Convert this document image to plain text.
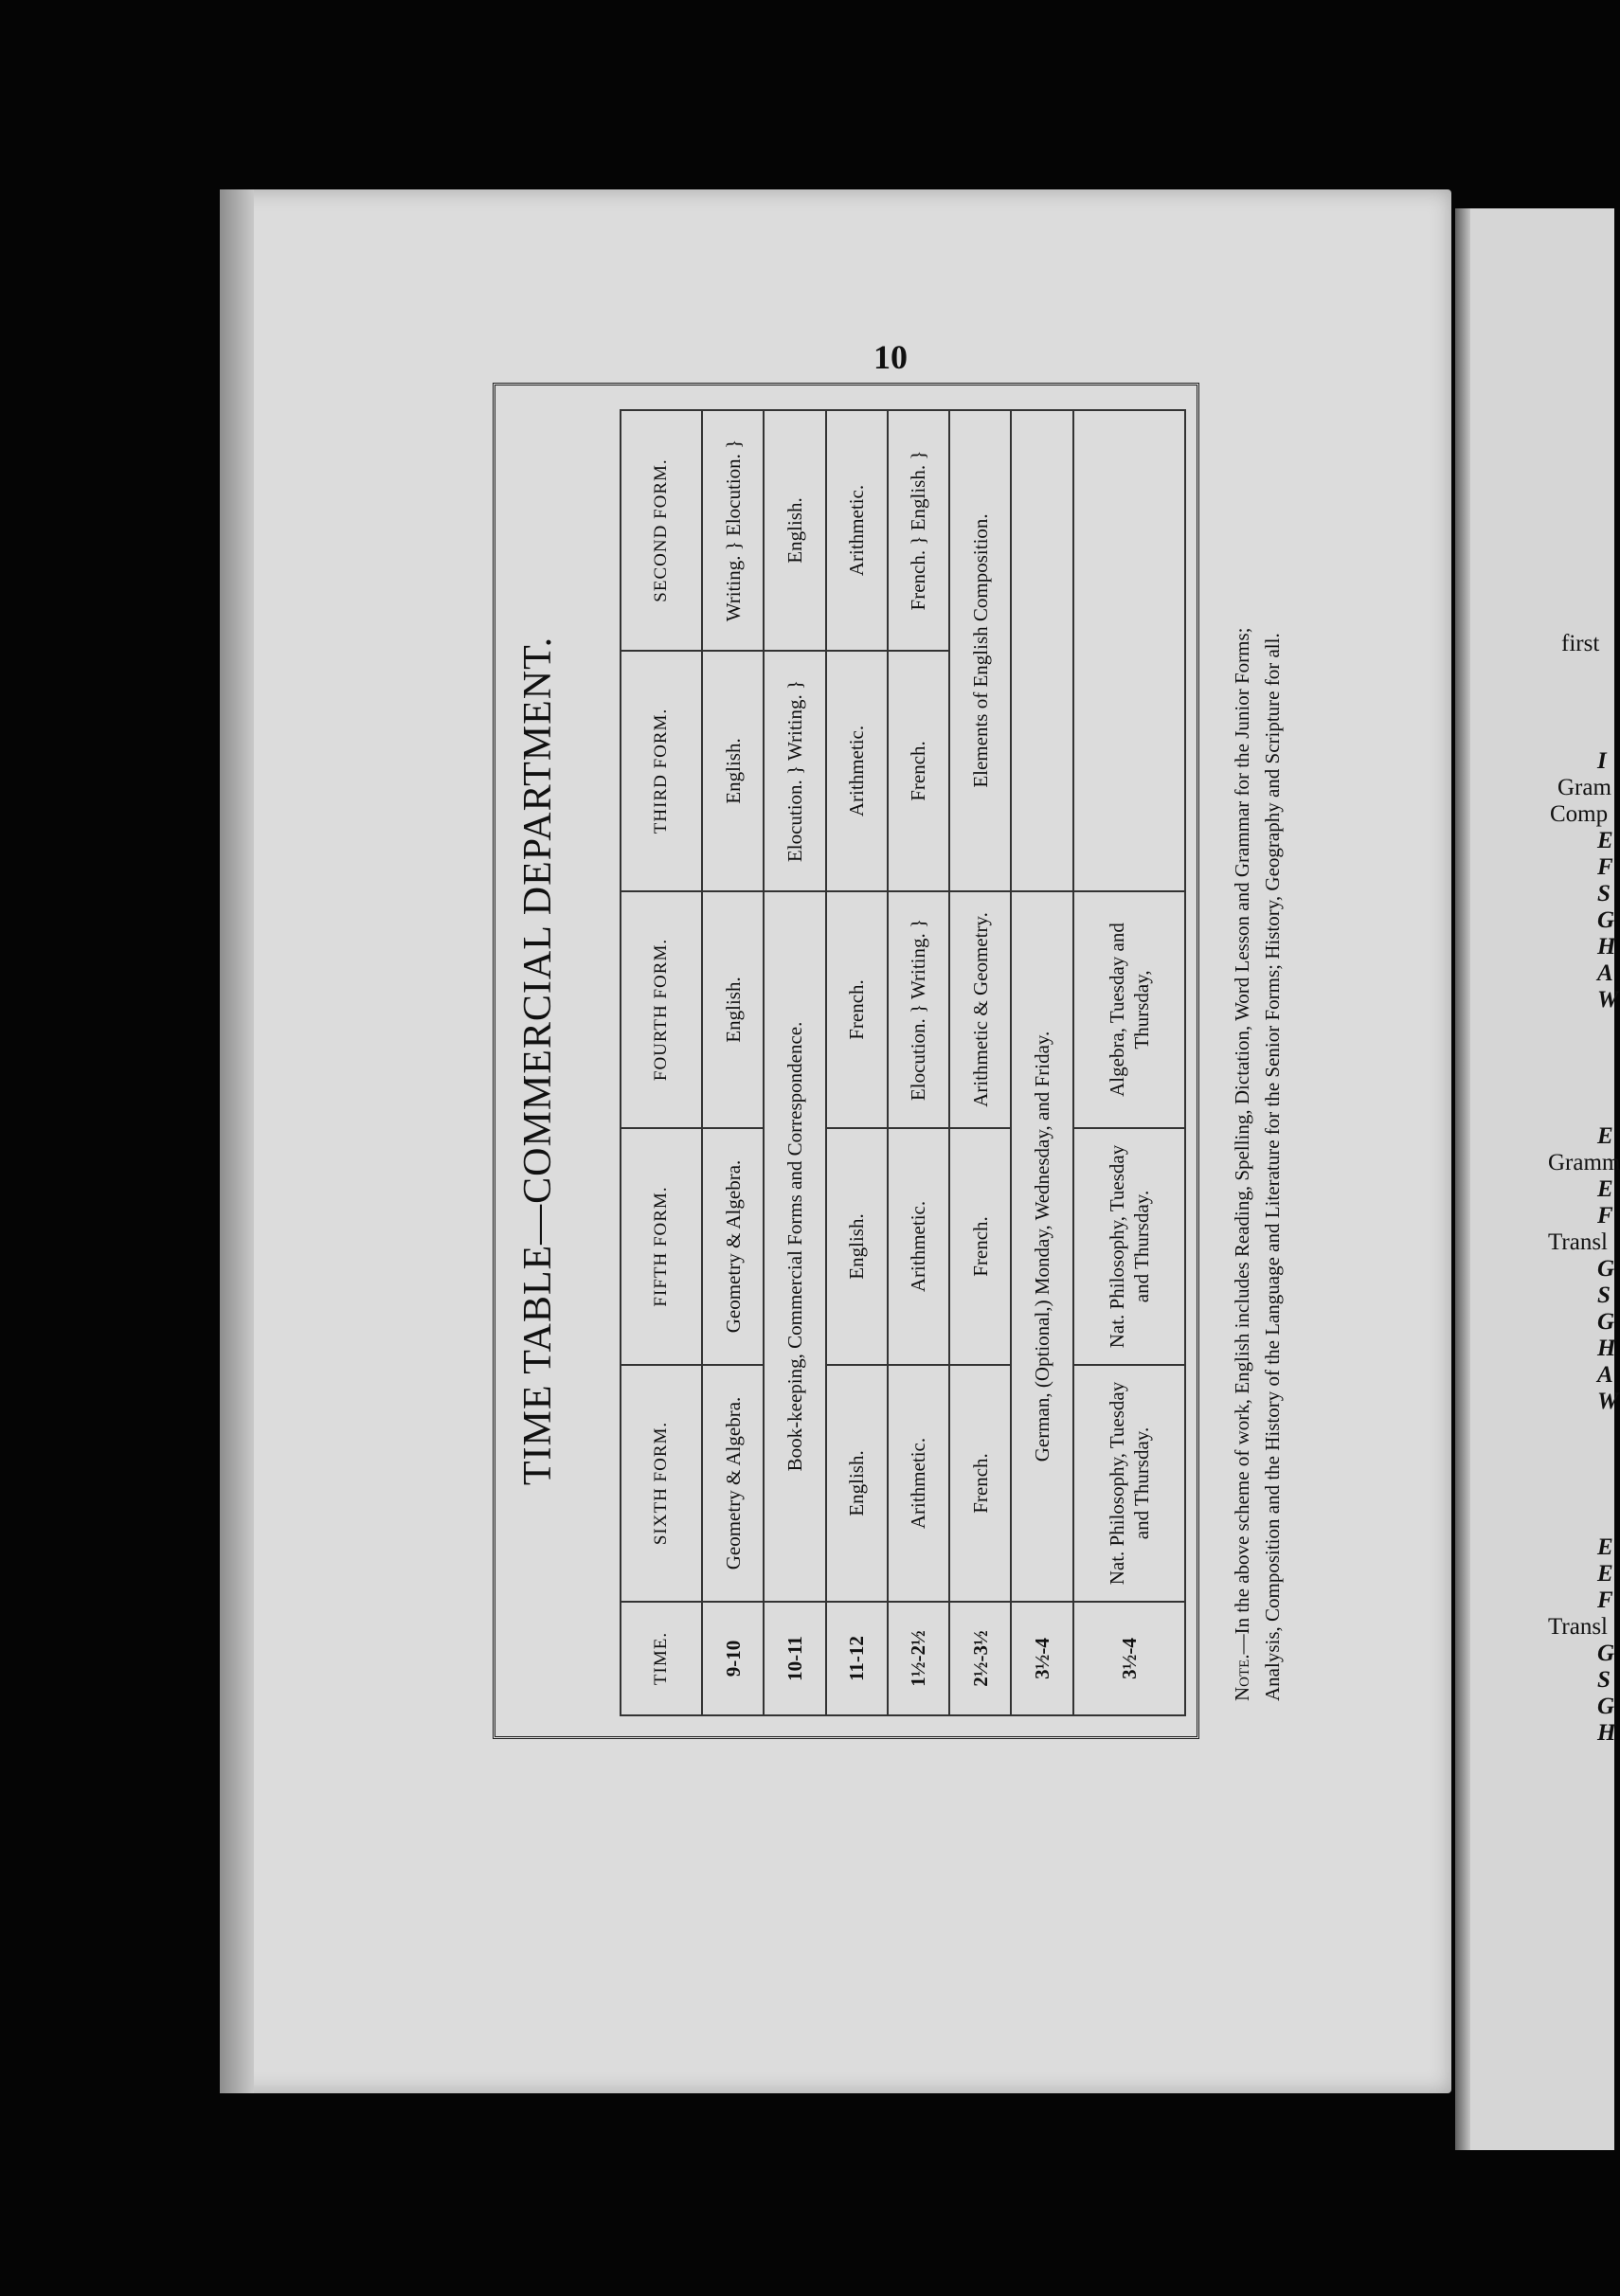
10
TIME TABLE—COMMERCIAL DEPARTMENT.
TIME.	SIXTH FORM.	FIFTH FORM.	FOURTH FORM.	THIRD FORM.	SECOND FORM.
9-10	Geometry & Algebra.	Geometry & Algebra.	English.	English.	Writing. } Elocution. }
10-11	Book-keeping, Commercial Forms and Correspondence.			Elocution. } Writing. }	English.
11-12	English.	English.	French.	Arithmetic.	Arithmetic.
1½-2½	Arithmetic.	Arithmetic.	Elocution. } Writing. }	French.	French. } English. }
2½-3½	French.	French.	Arithmetic & Geometry.	Elements of English Composition.	
3½-4	German, (Optional,) Monday, Wednesday, and Friday.				
3½-4	Nat. Philosophy, Tuesday and Thursday.	Nat. Philosophy, Tuesday and Thursday.	Algebra, Tuesday and Thursday,		
Note.—In the above scheme of work, English includes Reading, Spelling, Dictation, Word Lesson and Grammar for the Junior Forms; Analysis, Composition and the History of the Language and Literature for the Senior Forms; History, Geography and Scripture for all.	first
I
Gram
Comp
E
F
S
G
H
A
W
E
Gramm
E
F
Transl
G
S
G
H
A
W
E
E
F
Transl
G
S
G
H
